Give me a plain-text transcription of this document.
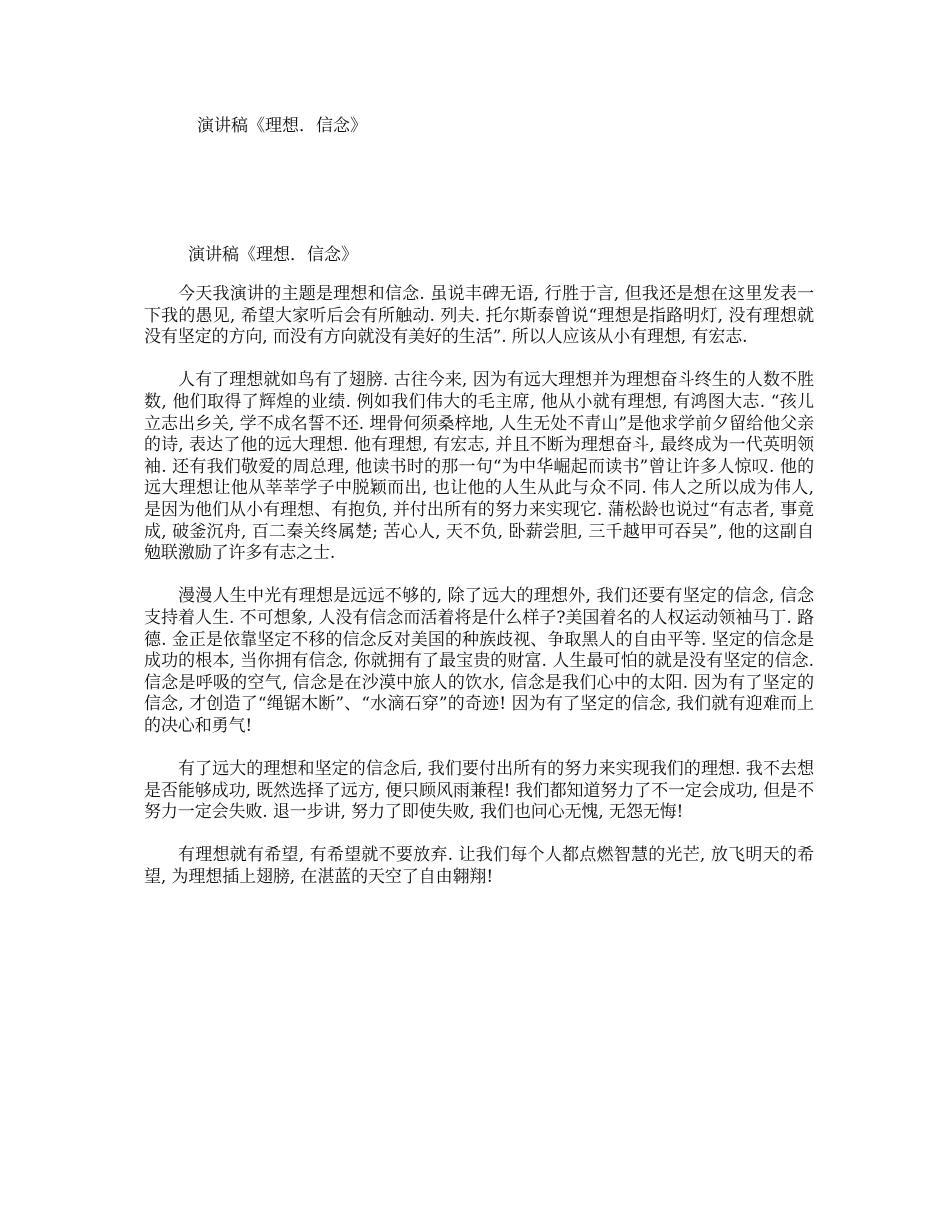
演讲稿《理想．信念》
演讲稿《理想．信念》

今天我演讲的主题是理想和信念. 虽说丰碑无语, 行胜于言, 但我还是想在这里发表一下我的愚见, 希望大家听后会有所触动. 列夫. 托尔斯泰曾说“理想是指路明灯, 没有理想就没有坚定的方向, 而没有方向就没有美好的生活”. 所以人应该从小有理想, 有宏志.

人有了理想就如鸟有了翅膀. 古往今来, 因为有远大理想并为理想奋斗终生的人数不胜数, 他们取得了辉煌的业绩. 例如我们伟大的毛主席, 他从小就有理想, 有鸿图大志. “孩儿立志出乡关, 学不成名誓不还. 埋骨何须桑梓地, 人生无处不青山”是他求学前夕留给他父亲的诗, 表达了他的远大理想. 他有理想, 有宏志, 并且不断为理想奋斗, 最终成为一代英明领袖. 还有我们敬爱的周总理, 他读书时的那一句“为中华崛起而读书”曾让许多人惊叹. 他的远大理想让他从莘莘学子中脱颖而出, 也让他的人生从此与众不同. 伟人之所以成为伟人, 是因为他们从小有理想、有抱负, 并付出所有的努力来实现它. 蒲松龄也说过“有志者, 事竟成, 破釜沉舟, 百二秦关终属楚; 苦心人, 天不负, 卧薪尝胆, 三千越甲可吞吴”, 他的这副自勉联激励了许多有志之士.

漫漫人生中光有理想是远远不够的, 除了远大的理想外, 我们还要有坚定的信念, 信念支持着人生. 不可想象, 人没有信念而活着将是什么样子?美国着名的人权运动领袖马丁. 路德. 金正是依靠坚定不移的信念反对美国的种族歧视、争取黑人的自由平等. 坚定的信念是成功的根本, 当你拥有信念, 你就拥有了最宝贵的财富. 人生最可怕的就是没有坚定的信念. 信念是呼吸的空气, 信念是在沙漠中旅人的饮水, 信念是我们心中的太阳. 因为有了坚定的信念, 才创造了“绳锯木断”、“水滴石穿”的奇迹! 因为有了坚定的信念, 我们就有迎难而上的决心和勇气!

有了远大的理想和坚定的信念后, 我们要付出所有的努力来实现我们的理想. 我不去想是否能够成功, 既然选择了远方, 便只顾风雨兼程! 我们都知道努力了不一定会成功, 但是不努力一定会失败. 退一步讲, 努力了即使失败, 我们也问心无愧, 无怨无悔!

有理想就有希望, 有希望就不要放弃. 让我们每个人都点燃智慧的光芒, 放飞明天的希望, 为理想插上翅膀, 在湛蓝的天空了自由翱翔!
